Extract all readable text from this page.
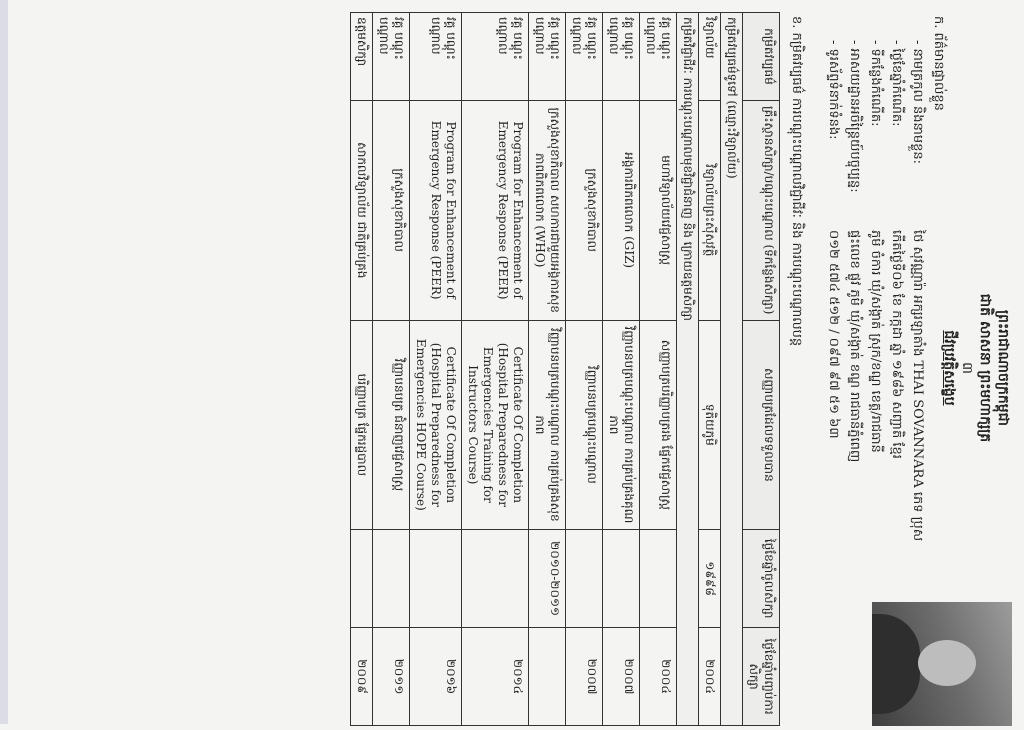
ព្រះរាជាណាចក្រកម្ពុជា
ជាតិ សាសនា ព្រះមហាក្សត្រ
៣
ជីវប្រវត្តិសង្ខេប
ក. ព័ត៌មានផ្ទាល់ខ្លួន
- នាមត្រកូល និងនាមខ្លួន:ថៃ សុវណ្ណារ៉ា អក្សរឡាតាំង THAI SOVANNARA ភេទ ប្រុស
- ថ្ងៃខែឆ្នាំកំណើត:កើតថ្ងៃទី០៦ ខែ កក្កដា ឆ្នាំ ១៩៨៦ សញ្ជាតិ ខ្មែរ
- ទីកន្លែងកំណើត:ភូមិ ចំការ ឃុំ/សង្កាត់ ស្រុក/ខណ្ឌ ខេត្ត/រាជធានី
- អាសយដ្ឋានអចិន្ត្រៃយ៍បច្ចុប្បន្ន:ផ្ទះលេខ ផ្លូវ ភូមិ ឃុំ/សង្កាត់ ខណ្ឌ រាជធានីភ្នំពេញ
- ទូរស័ព្ទទំនាក់ទំនង:០១២ ៥៧៤ ៥១២ / ០៩៧ ៩៧ ៥១ ៦៣
ខ. កម្រិតវប្បធម៌ ការបណ្តុះបណ្តាលវិជ្ជាជីវៈ និង ការបណ្តុះបណ្តាលបន្ត
កម្រិតវប្បធម៌	គ្រឹះស្ថានសិក្សា/បណ្តុះបណ្តាល (ទីកន្លែងសិក្សា)	សញ្ញាបត្រដែលទទួលបាន	ថ្ងៃខែឆ្នាំចូលសិក្សា	ថ្ងៃខែឆ្នាំបញ្ចប់ការសិក្សា
កម្រិតវប្បធម៌ទូទៅ (ឈ្មោះវិទ្យាល័យ)				
វិទ្យាល័យ	វិទ្យាល័យព្រះស៊ីសុវត្ថិ	ទុតិយភូមិ	១៩៩៨	២០០៤
កម្រិតវិជ្ជាជីវៈ ការបណ្តុះបណ្តាលមុខវិជ្ជាជំនាញ និង ក្រោយឧត្តមសិក្សា				
វគ្គ បណ្តុះបណ្តាល	មហាវិទ្យាល័យវេជ្ជសាស្ត្រ	សញ្ញាបត្របរិញ្ញាបត្ររង ផ្នែកវេជ្ជសាស្ត្រ		២០០៤
វគ្គ បណ្តុះបណ្តាល	អង្គការពិភពលោក (GIZ)	វិញ្ញាបនបត្របណ្តុះបណ្តាល ការគ្រប់គ្រងគុណភាព		២០០៧
វគ្គ បណ្តុះបណ្តាល	ក្រសួងសុខាភិបាល	វិញ្ញាបនបត្របណ្តុះបណ្តាល		២០០៧
វគ្គ បណ្តុះបណ្តាល	ក្រសួងសុខាភិបាល សហការជាមួយអង្គការសុខភាពពិភពលោក (WHO)	វិញ្ញាបនបត្របណ្តុះបណ្តាល ការគ្រប់គ្រងសុខភាព	២០១០-២០១១	
វគ្គ បណ្តុះបណ្តាល	Program for Enhancement of Emergency Response (PEER)	Certificate Of Completion (Hospital Preparedness for Emergencies Training for Instructors Course)		២០១៤
វគ្គ បណ្តុះបណ្តាល	Program for Enhancement of Emergency Response (PEER)	Certificate Of Completion (Hospital Preparedness for Emergencies HOPE Course)		២០១៦
វគ្គ បណ្តុះបណ្តាល	ក្រសួងសុខាភិបាល	វិញ្ញាបនបត្រ ជំនាញវេជ្ជសាស្ត្រ		២០១១
ឧត្តមសិក្សា	សាកលវិទ្យាល័យ ជាតិគ្រប់គ្រង	បរិញ្ញាបត្រ ផ្នែករដ្ឋបាល		២០០៩
